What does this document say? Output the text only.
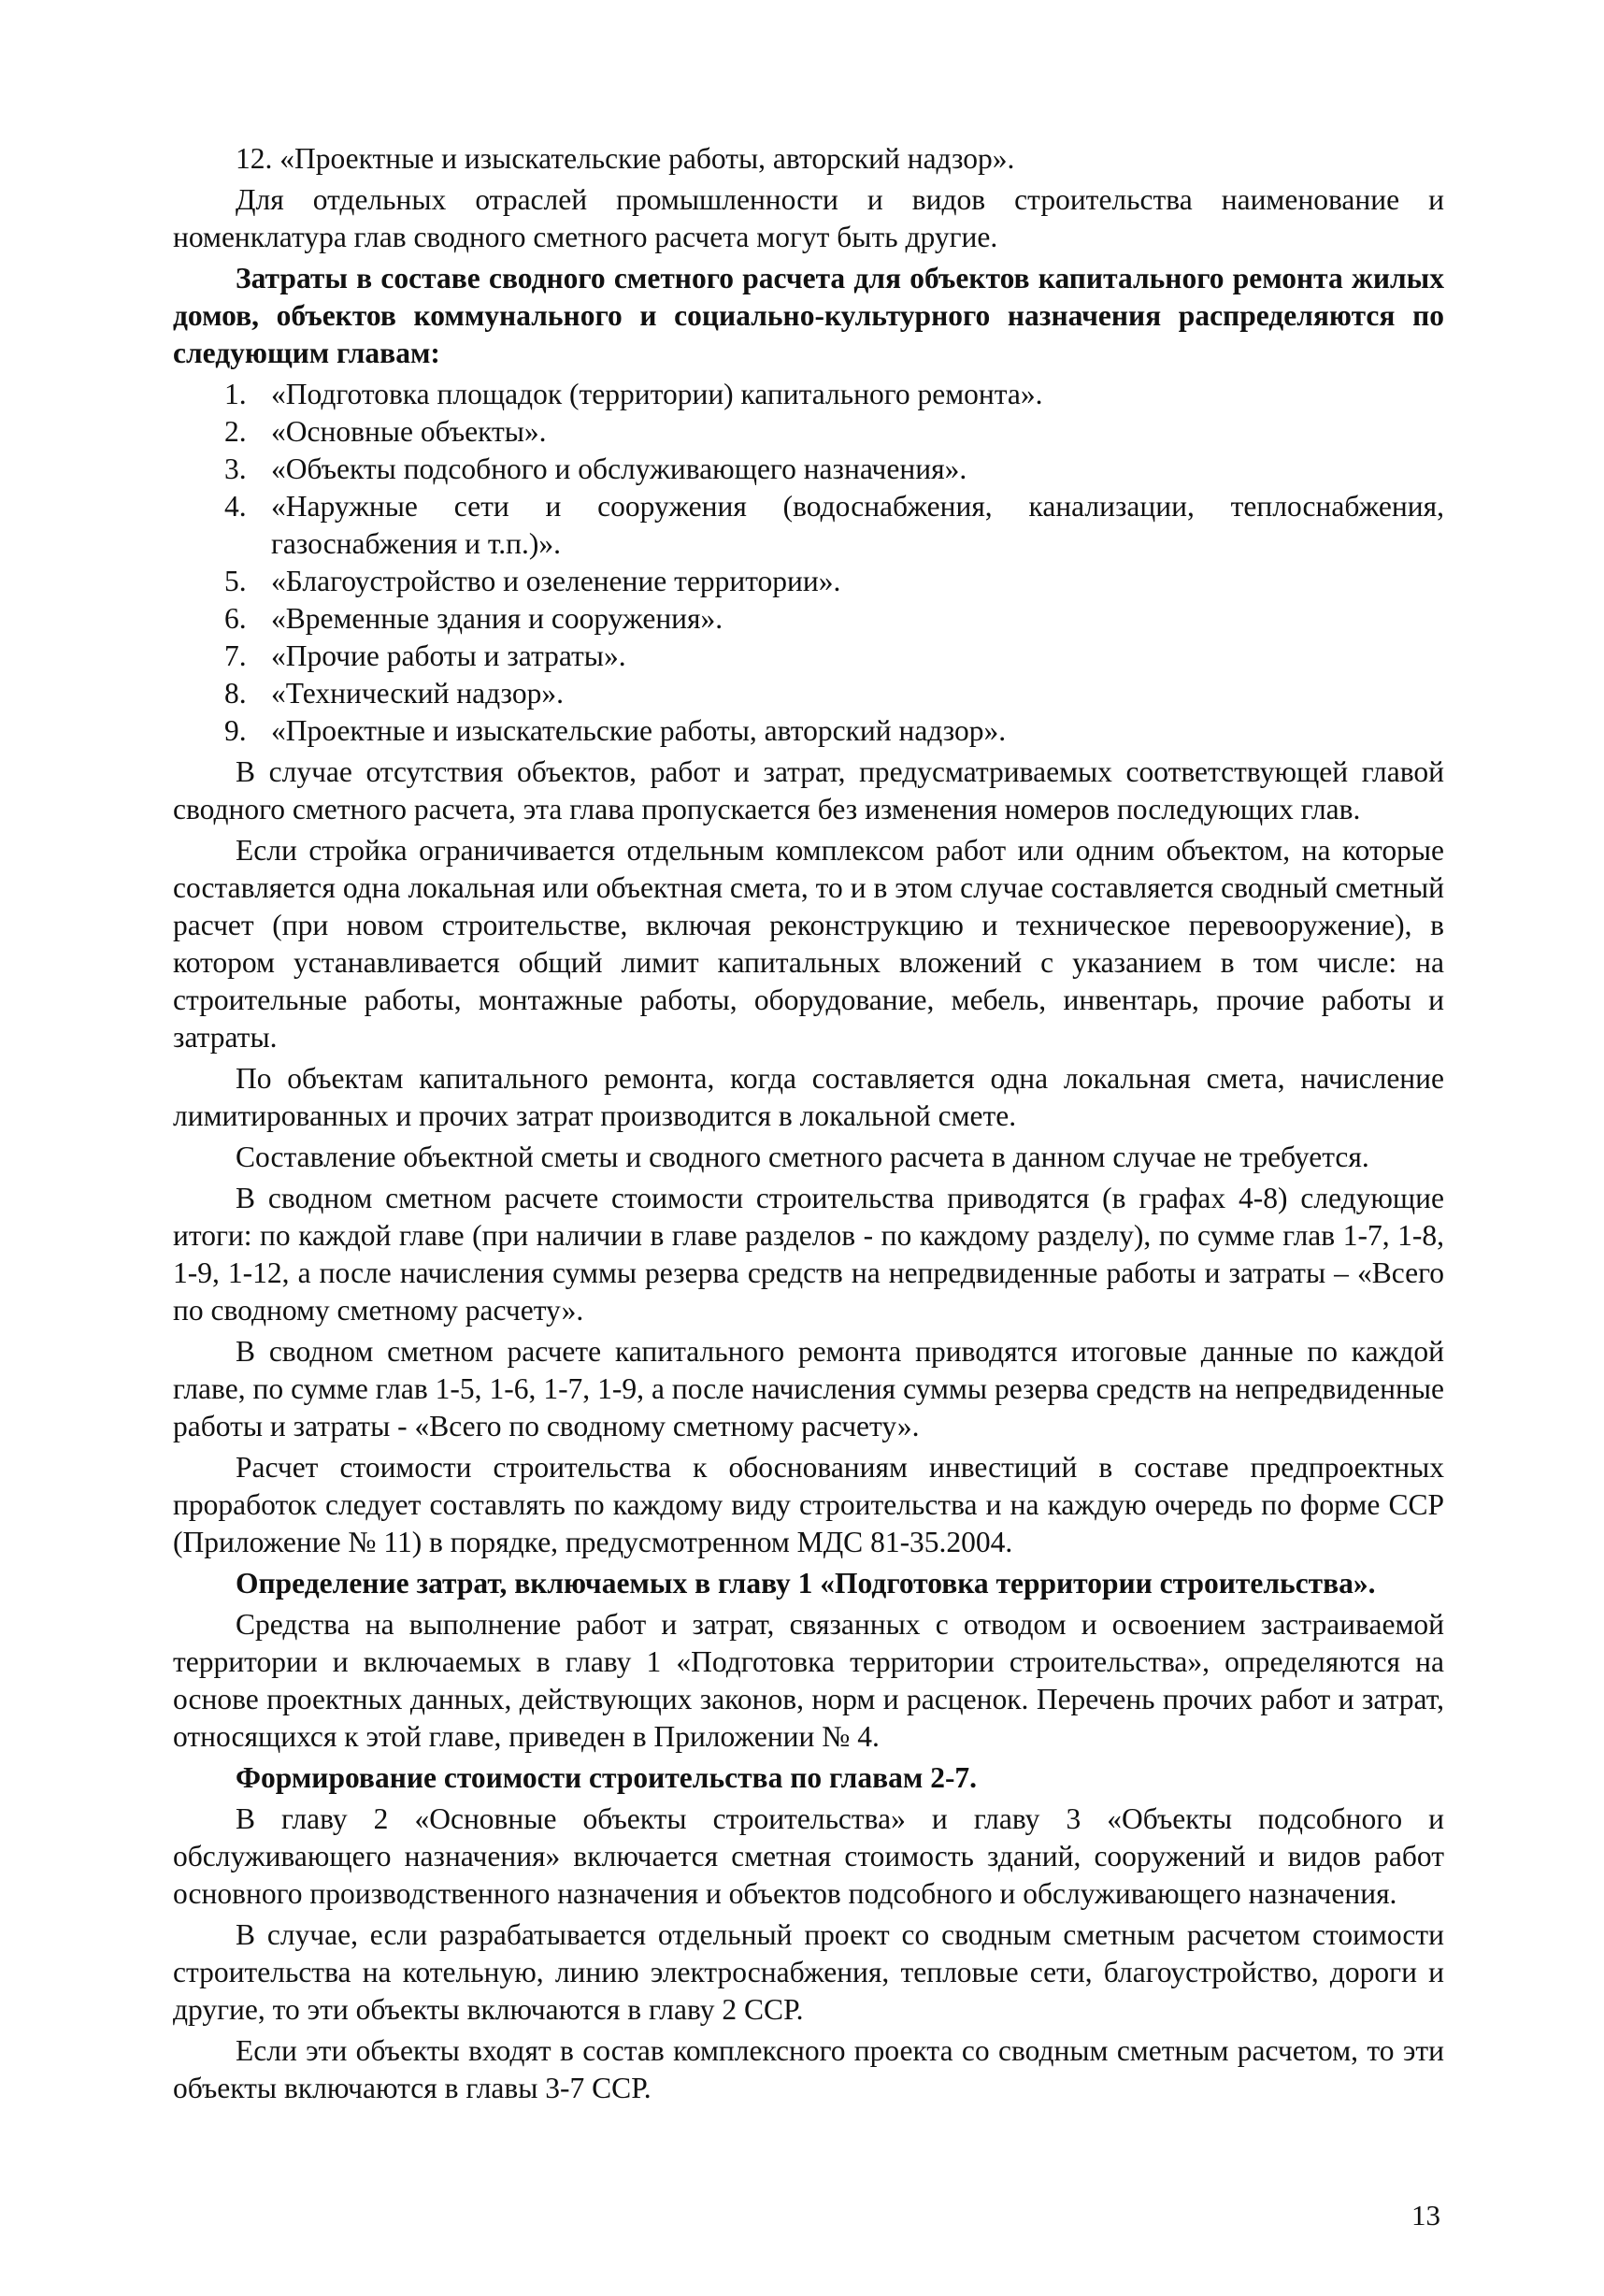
12. «Проектные и изыскательские работы, авторский надзор».

Для отдельных отраслей промышленности и видов строительства наименование и номенклатура глав сводного сметного расчета могут быть другие.

Затраты в составе сводного сметного расчета для объектов капитального ремонта жилых домов, объектов коммунального и социально-культурного назначения распределяются по следующим главам:

1. «Подготовка площадок (территории) капитального ремонта».
2. «Основные объекты».
3. «Объекты подсобного и обслуживающего назначения».
4. «Наружные сети и сооружения (водоснабжения, канализации, теплоснабжения, газоснабжения и т.п.)».
5. «Благоустройство и озеленение территории».
6. «Временные здания и сооружения».
7. «Прочие работы и затраты».
8. «Технический надзор».
9. «Проектные и изыскательские работы, авторский надзор».

В случае отсутствия объектов, работ и затрат, предусматриваемых соответствующей главой сводного сметного расчета, эта глава пропускается без изменения номеров последующих глав.

Если стройка ограничивается отдельным комплексом работ или одним объектом, на которые составляется одна локальная или объектная смета, то и в этом случае составляется сводный сметный расчет (при новом строительстве, включая реконструкцию и техническое перевооружение), в котором устанавливается общий лимит капитальных вложений с указанием в том числе: на строительные работы, монтажные работы, оборудование, мебель, инвентарь, прочие работы и затраты.

По объектам капитального ремонта, когда составляется одна локальная смета, начисление лимитированных и прочих затрат производится в локальной смете.

Составление объектной сметы и сводного сметного расчета в данном случае не требуется.

В сводном сметном расчете стоимости строительства приводятся (в графах 4-8) следующие итоги: по каждой главе (при наличии в главе разделов - по каждому разделу), по сумме глав 1-7, 1-8, 1-9, 1-12, а после начисления суммы резерва средств на непредвиденные работы и затраты – «Всего по сводному сметному расчету».

В сводном сметном расчете капитального ремонта приводятся итоговые данные по каждой главе, по сумме глав 1-5, 1-6, 1-7, 1-9, а после начисления суммы резерва средств на непредвиденные работы и затраты - «Всего по сводному сметному расчету».

Расчет стоимости строительства к обоснованиям инвестиций в составе предпроектных проработок следует составлять по каждому виду строительства и на каждую очередь по форме ССР (Приложение № 11) в порядке, предусмотренном МДС 81-35.2004.

Определение затрат, включаемых в главу 1 «Подготовка территории строительства».

Средства на выполнение работ и затрат, связанных с отводом и освоением застраиваемой территории и включаемых в главу 1 «Подготовка территории строительства», определяются на основе проектных данных, действующих законов, норм и расценок. Перечень прочих работ и затрат, относящихся к этой главе, приведен в Приложении № 4.

Формирование стоимости строительства по главам 2-7.

В главу 2 «Основные объекты строительства» и главу 3 «Объекты подсобного и обслуживающего назначения» включается сметная стоимость зданий, сооружений и видов работ основного производственного назначения и объектов подсобного и обслуживающего назначения.

В случае, если разрабатывается отдельный проект со сводным сметным расчетом стоимости строительства на котельную, линию электроснабжения, тепловые сети, благоустройство, дороги и другие, то эти объекты включаются в главу 2 ССР.

Если эти объекты входят в состав комплексного проекта со сводным сметным расчетом, то эти объекты включаются в главы 3-7 ССР.

13
